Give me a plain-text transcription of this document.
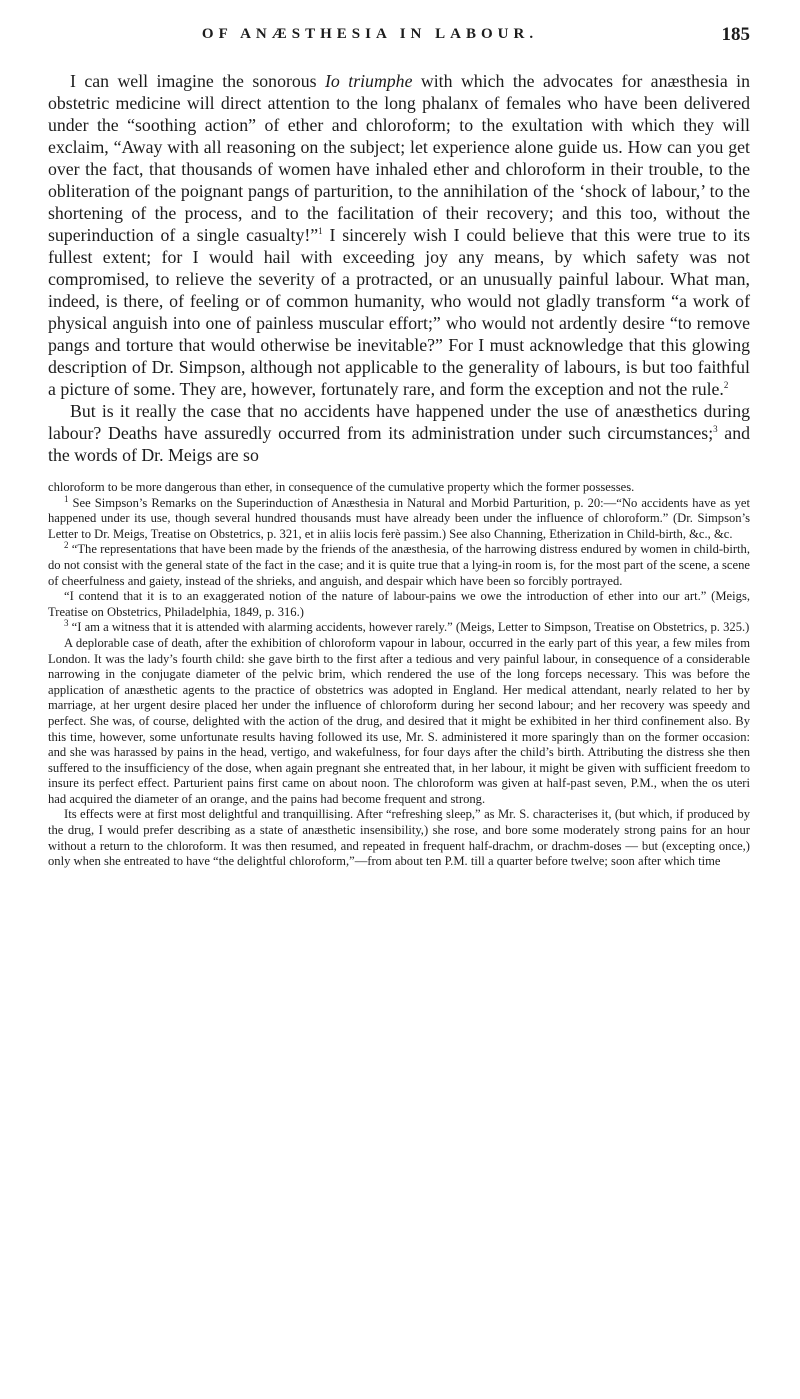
OF ANÆSTHESIA IN LABOUR.	185

I can well imagine the sonorous Io triumphe with which the advocates for anæsthesia in obstetric medicine will direct attention to the long phalanx of females who have been delivered under the “soothing action” of ether and chloroform; to the exultation with which they will exclaim, “Away with all reasoning on the subject; let experience alone guide us. How can you get over the fact, that thousands of women have inhaled ether and chloroform in their trouble, to the obliteration of the poignant pangs of parturition, to the annihilation of the ‘shock of labour,’ to the shortening of the process, and to the facilitation of their recovery; and this too, without the superinduction of a single casualty!”$^1$ I sincerely wish I could believe that this were true to its fullest extent; for I would hail with exceeding joy any means, by which safety was not compromised, to relieve the severity of a protracted, or an unusually painful labour. What man, indeed, is there, of feeling or of common humanity, who would not gladly transform “a work of physical anguish into one of painless muscular effort;” who would not ardently desire “to remove pangs and torture that would otherwise be inevitable?” For I must acknowledge that this glowing description of Dr. Simpson, although not applicable to the generality of labours, is but too faithful a picture of some. They are, however, fortunately rare, and form the exception and not the rule.$^2$

But is it really the case that no accidents have happened under the use of anæsthetics during labour? Deaths have assuredly occurred from its administration under such circumstances;$^3$ and the words of Dr. Meigs are so

chloroform to be more dangerous than ether, in consequence of the cumulative property which the former possesses.

$^1$ See Simpson’s Remarks on the Superinduction of Anæsthesia in Natural and Morbid Parturition, p. 20:—“No accidents have as yet happened under its use, though several hundred thousands must have already been under the influence of chloroform.” (Dr. Simpson’s Letter to Dr. Meigs, Treatise on Obstetrics, p. 321, et in aliis locis ferè passim.) See also Channing, Etherization in Child-birth, &c., &c.

$^2$ “The representations that have been made by the friends of the anæsthesia, of the harrowing distress endured by women in child-birth, do not consist with the general state of the fact in the case; and it is quite true that a lying-in room is, for the most part of the scene, a scene of cheerfulness and gaiety, instead of the shrieks, and anguish, and despair which have been so forcibly portrayed.

“I contend that it is to an exaggerated notion of the nature of labour-pains we owe the introduction of ether into our art.” (Meigs, Treatise on Obstetrics, Philadelphia, 1849, p. 316.)

$^3$ “I am a witness that it is attended with alarming accidents, however rarely.” (Meigs, Letter to Simpson, Treatise on Obstetrics, p. 325.)

A deplorable case of death, after the exhibition of chloroform vapour in labour, occurred in the early part of this year, a few miles from London. It was the lady’s fourth child: she gave birth to the first after a tedious and very painful labour, in consequence of a considerable narrowing in the conjugate diameter of the pelvic brim, which rendered the use of the long forceps necessary. This was before the application of anæsthetic agents to the practice of obstetrics was adopted in England. Her medical attendant, nearly related to her by marriage, at her urgent desire placed her under the influence of chloroform during her second labour; and her recovery was speedy and perfect. She was, of course, delighted with the action of the drug, and desired that it might be exhibited in her third confinement also. By this time, however, some unfortunate results having followed its use, Mr. S. administered it more sparingly than on the former occasion: and she was harassed by pains in the head, vertigo, and wakefulness, for four days after the child’s birth. Attributing the distress she then suffered to the insufficiency of the dose, when again pregnant she entreated that, in her labour, it might be given with sufficient freedom to insure its perfect effect. Parturient pains first came on about noon. The chloroform was given at half-past seven, P.M., when the os uteri had acquired the diameter of an orange, and the pains had become frequent and strong.

Its effects were at first most delightful and tranquillising. After “refreshing sleep,” as Mr. S. characterises it, (but which, if produced by the drug, I would prefer describing as a state of anæsthetic insensibility,) she rose, and bore some moderately strong pains for an hour without a return to the chloroform. It was then resumed, and repeated in frequent half-drachm, or drachm-doses — but (excepting once,) only when she entreated to have “the delightful chloroform,”—from about ten P.M. till a quarter before twelve; soon after which time
